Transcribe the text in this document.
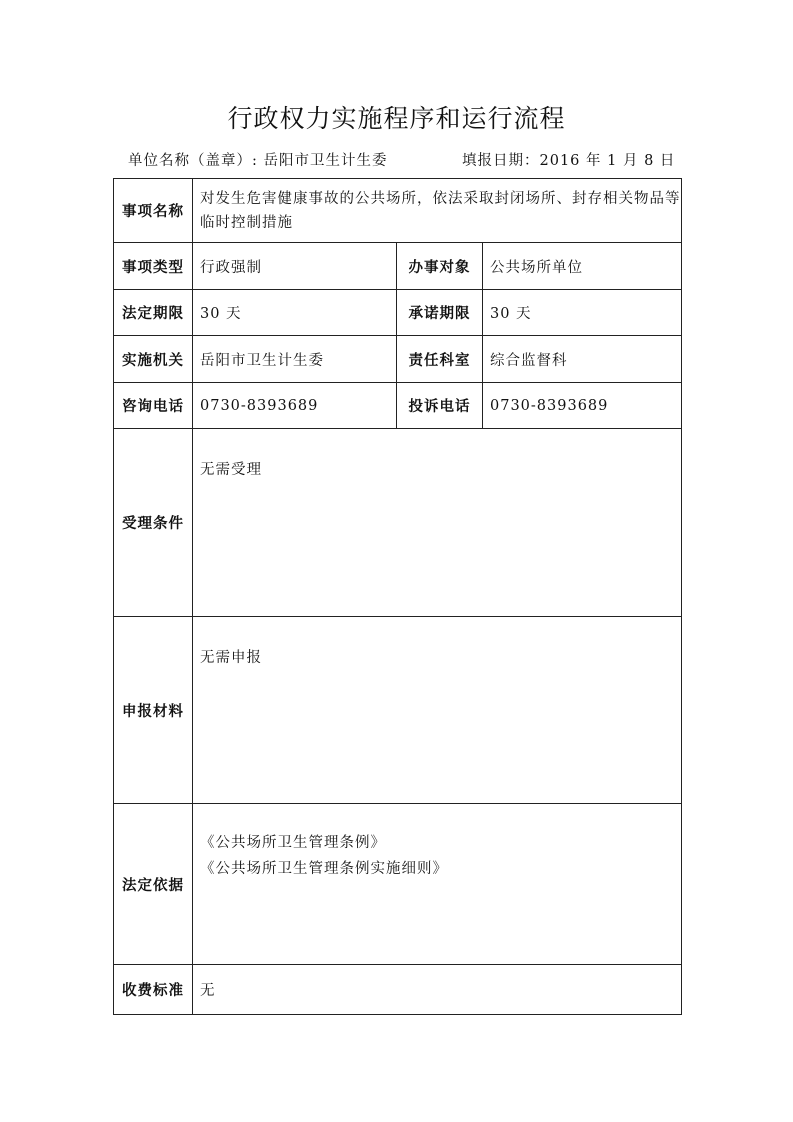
行政权力实施程序和运行流程
单位名称（盖章）: 岳阳市卫生计生委	填报日期：2016 年 1 月 8 日
事项名称	对发生危害健康事故的公共场所，依法采取封闭场所、封存相关物品等临时控制措施		
事项类型	行政强制	办事对象	公共场所单位
法定期限	30 天	承诺期限	30 天
实施机关	岳阳市卫生计生委	责任科室	综合监督科
咨询电话	0730-8393689	投诉电话	0730-8393689
受理条件	无需受理		
申报材料	无需申报		
法定依据	《公共场所卫生管理条例》
《公共场所卫生管理条例实施细则》		

收费标准	无		
